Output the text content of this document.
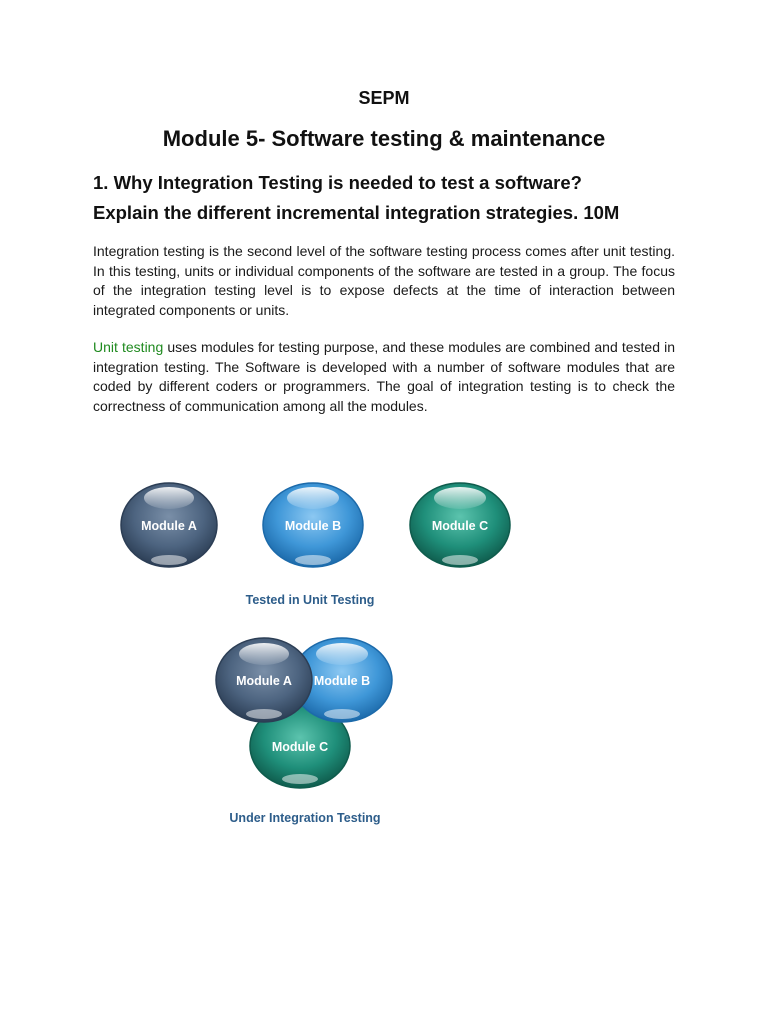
SEPM
Module 5- Software testing & maintenance
1. Why Integration Testing is needed to test a software?
Explain the different incremental integration strategies. 10M
Integration testing is the second level of the software testing process comes after unit testing. In this testing, units or individual components of the software are tested in a group. The focus of the integration testing level is to expose defects at the time of interaction between integrated components or units.
Unit testing uses modules for testing purpose, and these modules are combined and tested in integration testing. The Software is developed with a number of software modules that are coded by different coders or programmers. The goal of integration testing is to check the correctness of communication among all the modules.
Module A	Module B	Module C
Tested in Unit Testing
Module C
Module B
Module A
Under Integration Testing
